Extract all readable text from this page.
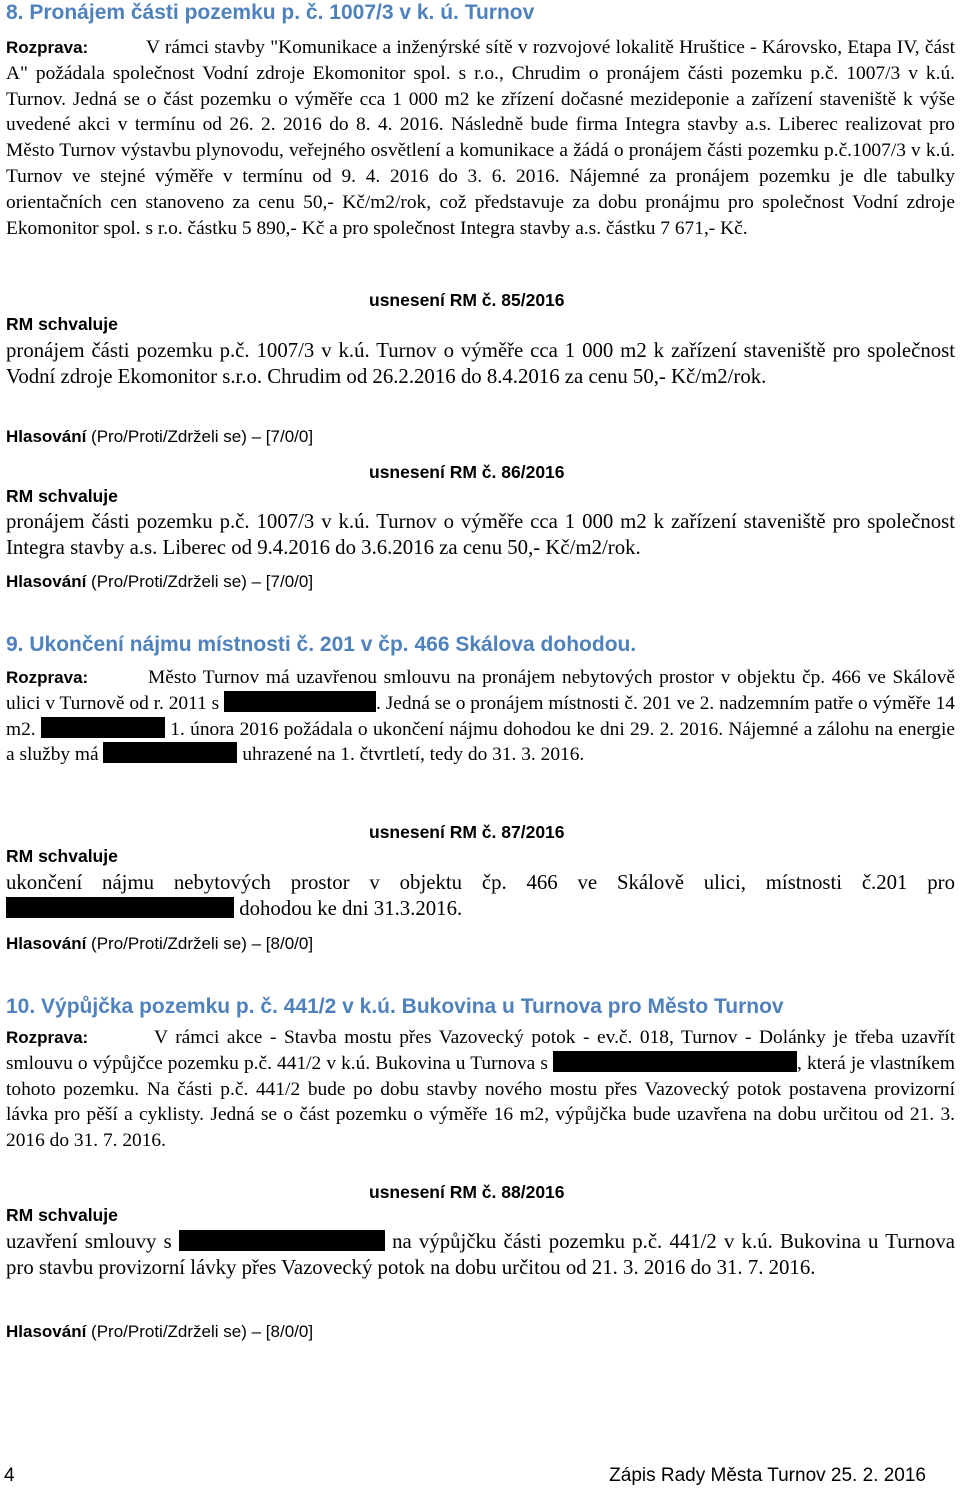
8. Pronájem části pozemku p. č. 1007/3 v k. ú. Turnov

Rozprava:	V rámci stavby "Komunikace a inženýrské sítě v rozvojové lokalitě Hruštice - Károvsko, Etapa IV, část A" požádala společnost Vodní zdroje Ekomonitor spol. s r.o., Chrudim o pronájem části pozemku p.č. 1007/3 v k.ú. Turnov. Jedná se o část pozemku o výměře cca 1 000 m2 ke zřízení dočasné mezideponie a zařízení staveniště k výše uvedené akci v termínu od 26. 2. 2016 do 8. 4. 2016. Následně bude firma Integra stavby a.s. Liberec realizovat pro Město Turnov výstavbu plynovodu, veřejného osvětlení a komunikace a žádá o pronájem části pozemku p.č.1007/3 v k.ú. Turnov ve stejné výměře v termínu od 9. 4. 2016 do 3. 6. 2016. Nájemné za pronájem pozemku je dle tabulky orientačních cen stanoveno za cenu 50,- Kč/m2/rok, což představuje za dobu pronájmu pro společnost Vodní zdroje Ekomonitor spol. s r.o. částku 5 890,- Kč a pro společnost Integra stavby a.s. částku 7 671,- Kč.

usnesení RM č. 85/2016

RM schvaluje

pronájem části pozemku p.č. 1007/3 v k.ú. Turnov o výměře cca 1 000 m2 k zařízení staveniště pro společnost Vodní zdroje Ekomonitor s.r.o. Chrudim od 26.2.2016 do 8.4.2016 za cenu 50,- Kč/m2/rok.

Hlasování (Pro/Proti/Zdrželi se) – [7/0/0]

usnesení RM č. 86/2016

RM schvaluje

pronájem části pozemku p.č. 1007/3 v k.ú. Turnov o výměře cca 1 000 m2 k zařízení staveniště pro společnost Integra stavby a.s. Liberec od 9.4.2016 do 3.6.2016 za cenu 50,- Kč/m2/rok.

Hlasování (Pro/Proti/Zdrželi se) – [7/0/0]

9. Ukončení nájmu místnosti č. 201 v čp. 466 Skálova dohodou.

Rozprava:	Město Turnov má uzavřenou smlouvu na pronájem nebytových prostor v objektu čp. 466 ve Skálově ulici v Turnově od r. 2011 s	. Jedná se o pronájem místnosti č. 201 ve 2. nadzemním patře o výměře 14 m2.	1. února 2016 požádala o ukončení nájmu dohodou ke dni 29. 2. 2016. Nájemné a zálohu na energie a služby má	uhrazené na 1. čtvrtletí, tedy do 31. 3. 2016.

usnesení RM č. 87/2016

RM schvaluje

ukončení nájmu nebytových prostor v objektu čp. 466 ve Skálově ulici, místnosti č.201 pro  dohodou ke dni 31.3.2016.

Hlasování (Pro/Proti/Zdrželi se) – [8/0/0]

10. Výpůjčka pozemku p. č. 441/2 v k.ú. Bukovina u Turnova pro Město Turnov

Rozprava:	V rámci akce - Stavba mostu přes Vazovecký potok - ev.č. 018, Turnov - Dolánky je třeba uzavřít smlouvu o výpůjčce pozemku p.č. 441/2 v k.ú. Bukovina u Turnova s	, která je vlastníkem tohoto pozemku. Na části p.č. 441/2 bude po dobu stavby nového mostu přes Vazovecký potok postavena provizorní lávka pro pěší a cyklisty. Jedná se o část pozemku o výměře 16 m2, výpůjčka bude uzavřena na dobu určitou od 21. 3. 2016 do 31. 7. 2016.

usnesení RM č. 88/2016

RM schvaluje

uzavření smlouvy s	na výpůjčku části pozemku p.č. 441/2 v k.ú. Bukovina u Turnova pro stavbu provizorní lávky přes Vazovecký potok na dobu určitou od 21. 3. 2016 do 31. 7. 2016.

Hlasování (Pro/Proti/Zdrželi se) – [8/0/0]

4	Zápis Rady Města Turnov 25. 2. 2016
